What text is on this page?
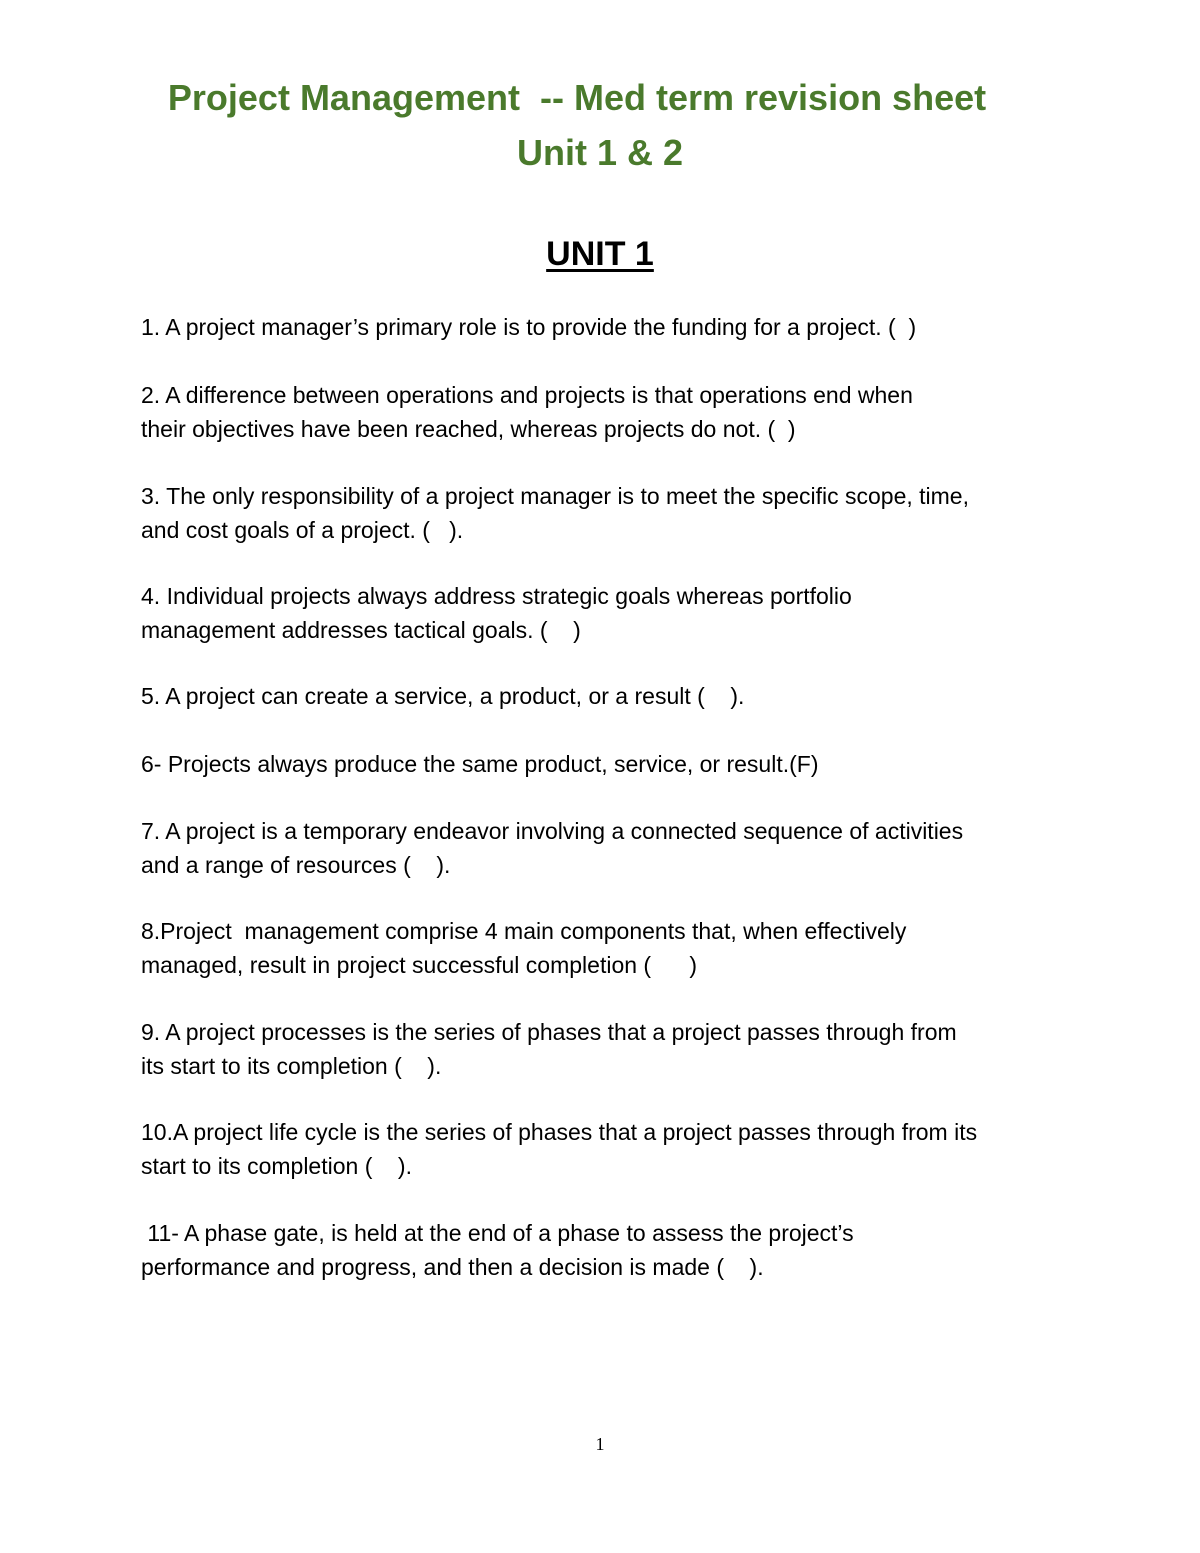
Project Management  -- Med term revision sheet
Unit 1 & 2
UNIT 1
1. A project manager’s primary role is to provide the funding for a project. (  )
2. A difference between operations and projects is that operations end when
their objectives have been reached, whereas projects do not. (  )
3. The only responsibility of a project manager is to meet the specific scope, time,
and cost goals of a project. (   ).
4. Individual projects always address strategic goals whereas portfolio
management addresses tactical goals. (    )
5. A project can create a service, a product, or a result (    ).
6- Projects always produce the same product, service, or result.(F)
7. A project is a temporary endeavor involving a connected sequence of activities
and a range of resources (    ).
8.Project  management comprise 4 main components that, when effectively
managed, result in project successful completion (      )
9. A project processes is the series of phases that a project passes through from
its start to its completion (    ).
10.A project life cycle is the series of phases that a project passes through from its
start to its completion (    ).
11- A phase gate, is held at the end of a phase to assess the project’s
performance and progress, and then a decision is made (    ).
1
